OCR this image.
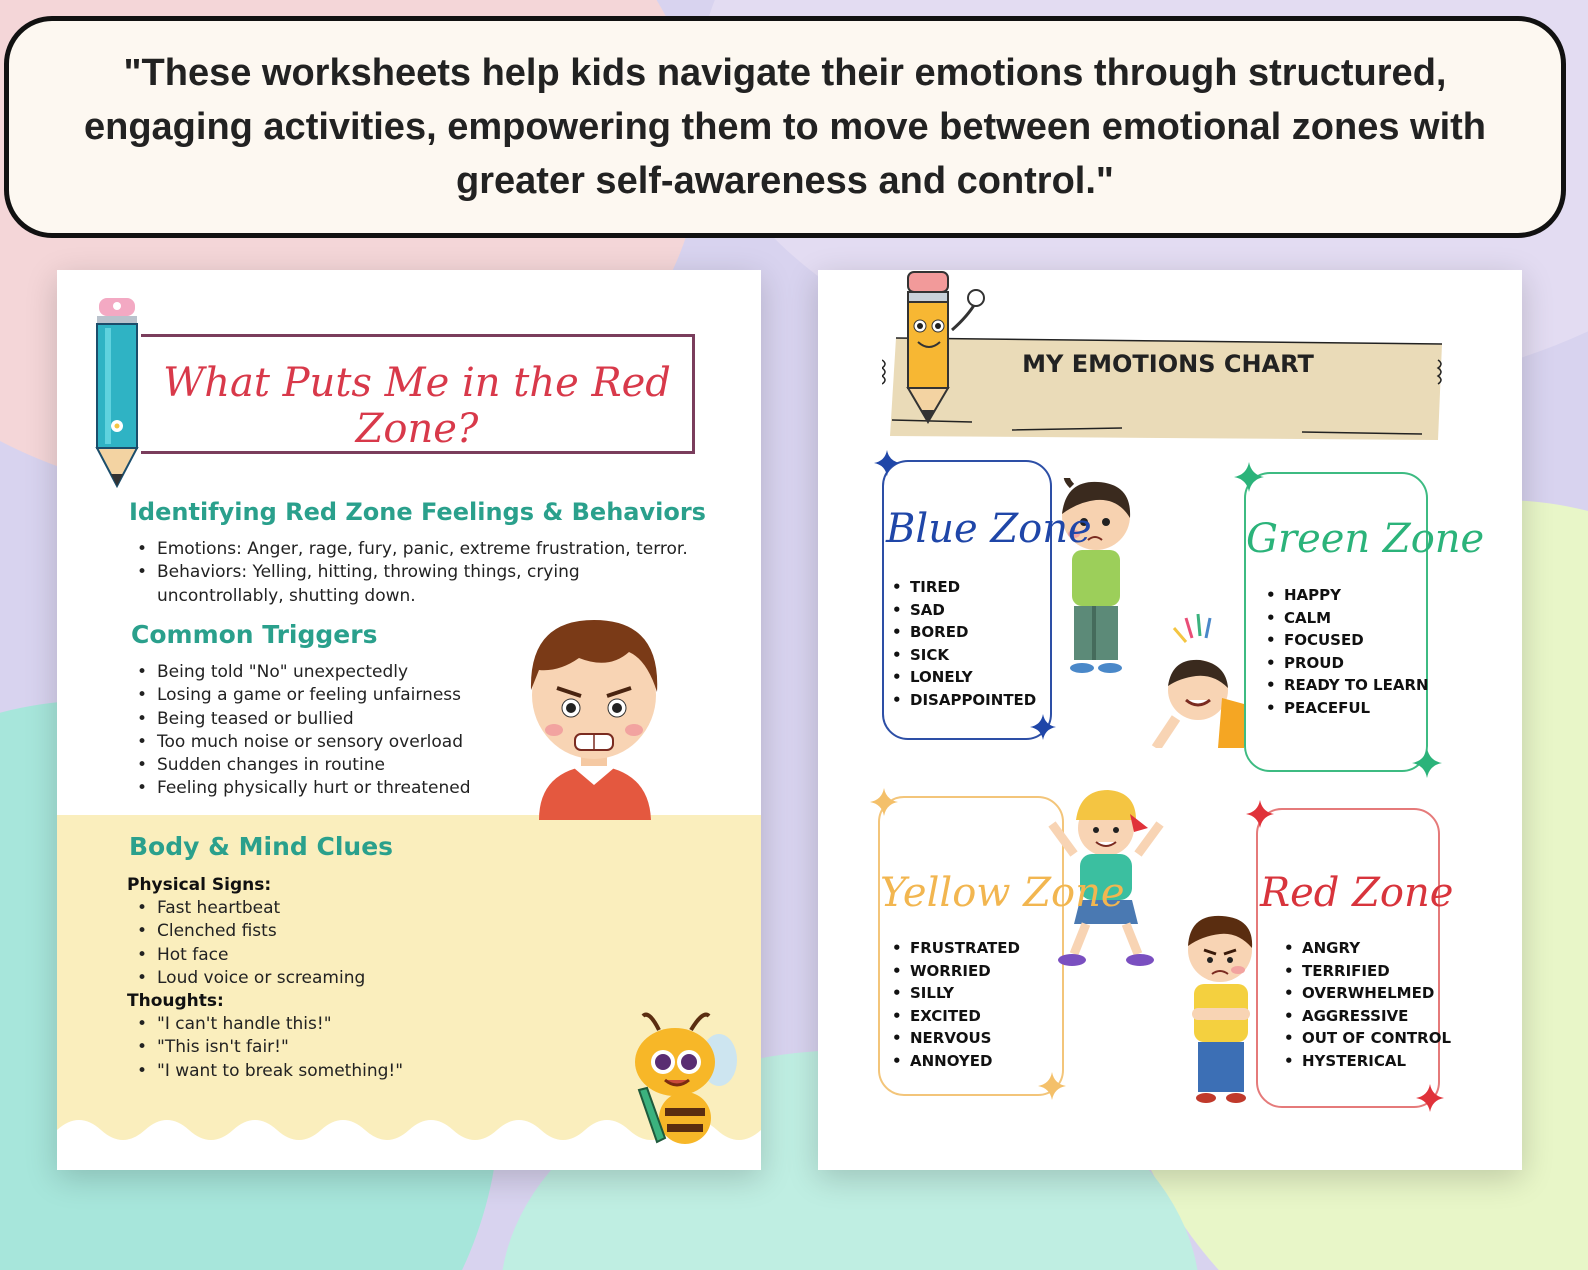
"These worksheets help kids navigate their emotions through structured, engaging activities, empowering them to move between emotional zones with greater self-awareness and control."

What Puts Me in the Red Zone?
Identifying Red Zone Feelings & Behaviors
• Emotions: Anger, rage, fury, panic, extreme frustration, terror.
• Behaviors: Yelling, hitting, throwing things, crying uncontrollably, shutting down.
Common Triggers
• Being told "No" unexpectedly
• Losing a game or feeling unfairness
• Being teased or bullied
• Too much noise or sensory overload
• Sudden changes in routine
• Feeling physically hurt or threatened
Body & Mind Clues
Physical Signs:
• Fast heartbeat
• Clenched fists
• Hot face
• Loud voice or screaming
Thoughts:
• "I can't handle this!"
• "This isn't fair!"
• "I want to break something!"
MY EMOTIONS CHART
Blue Zone
• TIRED
• SAD
• BORED
• SICK
• LONELY
• DISAPPOINTED
Green Zone
• HAPPY
• CALM
• FOCUSED
• PROUD
• READY TO LEARN
• PEACEFUL
Yellow Zone
• FRUSTRATED
• WORRIED
• SILLY
• EXCITED
• NERVOUS
• ANNOYED
Red Zone
• ANGRY
• TERRIFIED
• OVERWHELMED
• AGGRESSIVE
• OUT OF CONTROL
• HYSTERICAL
